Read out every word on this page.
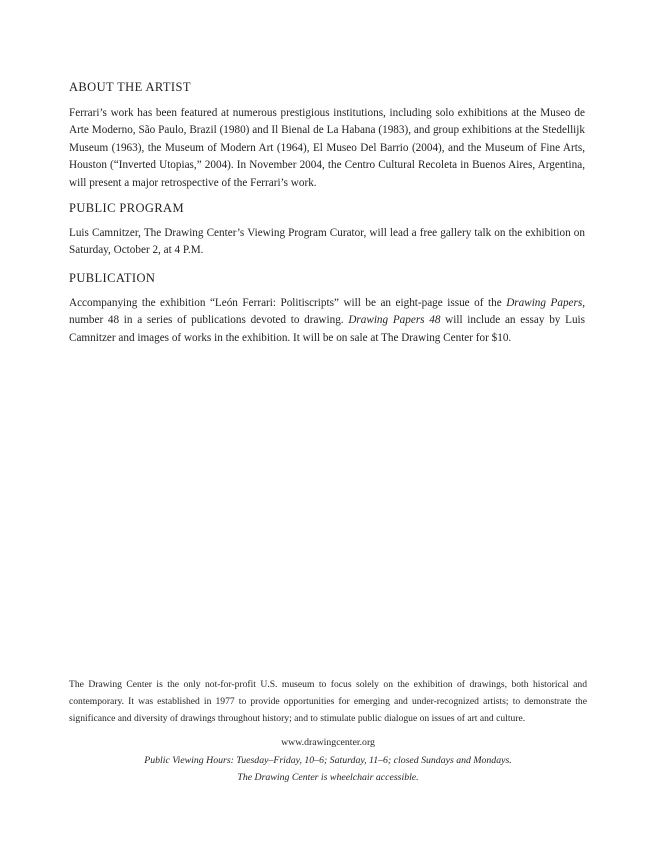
ABOUT THE ARTIST

Ferrari’s work has been featured at numerous prestigious institutions, including solo exhibitions at the Museo de Arte Moderno, São Paulo, Brazil (1980) and Il Bienal de La Habana (1983), and group exhibitions at the Stedellijk Museum (1963), the Museum of Modern Art (1964), El Museo Del Barrio (2004), and the Museum of Fine Arts, Houston (“Inverted Utopias,” 2004). In November 2004, the Centro Cultural Recoleta in Buenos Aires, Argentina, will present a major retrospective of the Ferrari’s work.

PUBLIC PROGRAM

Luis Camnitzer, The Drawing Center’s Viewing Program Curator, will lead a free gallery talk on the exhibition on Saturday, October 2, at 4 P.M.

PUBLICATION

Accompanying the exhibition “León Ferrari: Politiscripts” will be an eight-page issue of the Drawing Papers, number 48 in a series of publications devoted to drawing. Drawing Papers 48 will include an essay by Luis Camnitzer and images of works in the exhibition. It will be on sale at The Drawing Center for $10.

The Drawing Center is the only not-for-profit U.S. museum to focus solely on the exhibition of drawings, both historical and contemporary. It was established in 1977 to provide opportunities for emerging and under-recognized artists; to demonstrate the significance and diversity of drawings throughout history; and to stimulate public dialogue on issues of art and culture.

www.drawingcenter.org

Public Viewing Hours: Tuesday–Friday, 10–6; Saturday, 11–6; closed Sundays and Mondays.

The Drawing Center is wheelchair accessible.
